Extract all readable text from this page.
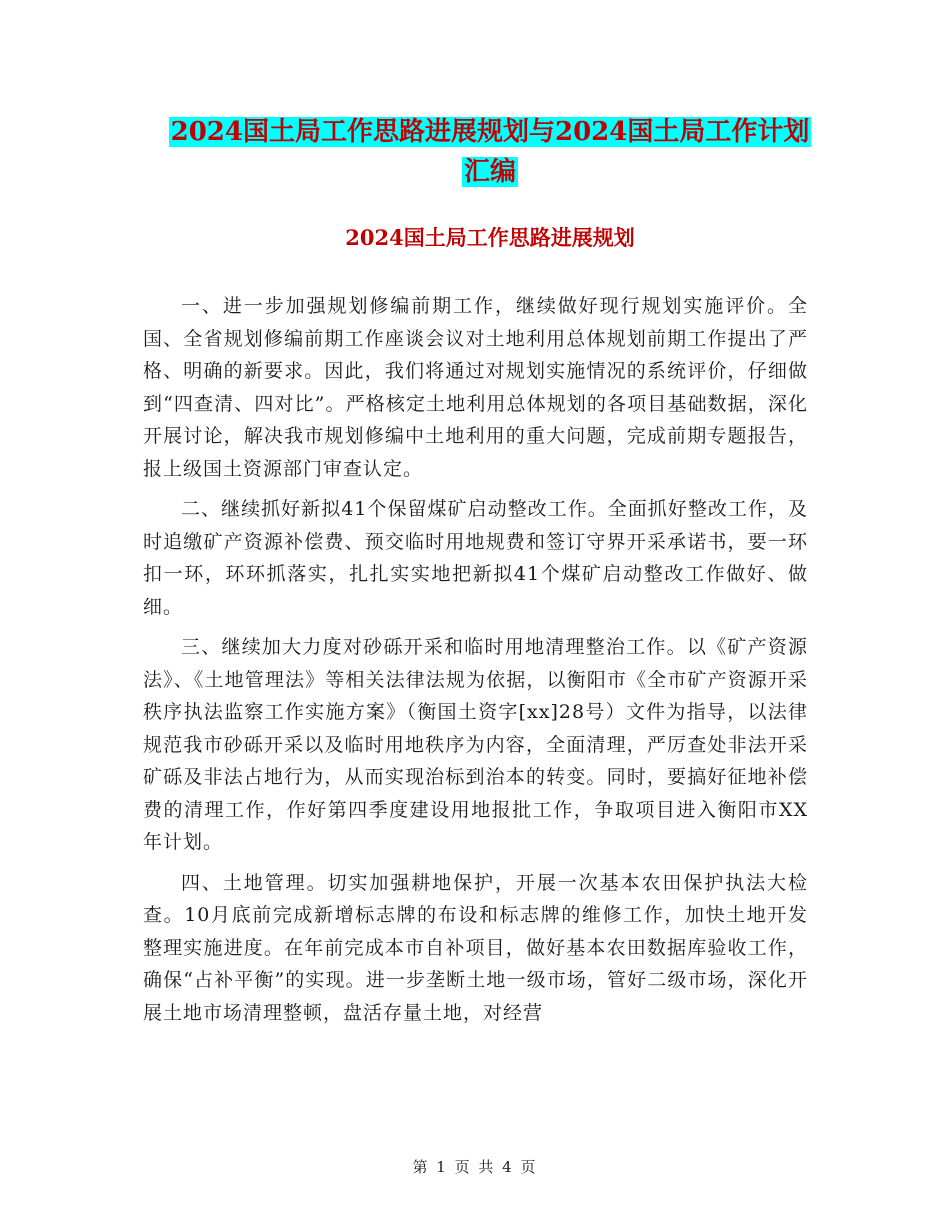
2024国土局工作思路进展规划与2024国土局工作计划
汇编
2024国土局工作思路进展规划

一、进一步加强规划修编前期工作，继续做好现行规划实施评价。全国、全省规划修编前期工作座谈会议对土地利用总体规划前期工作提出了严格、明确的新要求。因此，我们将通过对规划实施情况的系统评价，仔细做到“四查清、四对比”。严格核定土地利用总体规划的各项目基础数据，深化开展讨论，解决我市规划修编中土地利用的重大问题，完成前期专题报告，报上级国土资源部门审查认定。

二、继续抓好新拟41个保留煤矿启动整改工作。全面抓好整改工作，及时追缴矿产资源补偿费、预交临时用地规费和签订守界开采承诺书，要一环扣一环，环环抓落实，扎扎实实地把新拟41个煤矿启动整改工作做好、做细。

三、继续加大力度对砂砾开采和临时用地清理整治工作。以《矿产资源法》、《土地管理法》等相关法律法规为依据，以衡阳市《全市矿产资源开采秩序执法监察工作实施方案》（衡国土资字[xx]28号）文件为指导，以法律规范我市砂砾开采以及临时用地秩序为内容，全面清理，严厉查处非法开采矿砾及非法占地行为，从而实现治标到治本的转变。同时，要搞好征地补偿费的清理工作，作好第四季度建设用地报批工作，争取项目进入衡阳市XX年计划。

四、土地管理。切实加强耕地保护，开展一次基本农田保护执法大检查。10月底前完成新增标志牌的布设和标志牌的维修工作，加快土地开发整理实施进度。在年前完成本市自补项目，做好基本农田数据库验收工作，确保“占补平衡”的实现。进一步垄断土地一级市场，管好二级市场，深化开展土地市场清理整顿，盘活存量土地，对经营

第 1 页 共 4 页
